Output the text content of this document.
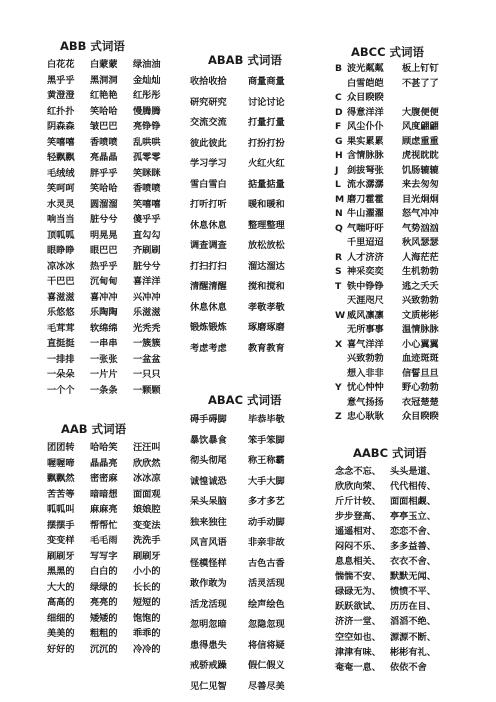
ABB 式词语
白花花	白蒙蒙	绿油油
黑乎乎	黑洞洞	金灿灿
黄澄澄	红艳艳	红彤彤
红扑扑	笑哈哈	慢腾腾
阴森森	皱巴巴	亮铮铮
笑嘻嘻	香喷喷	乱哄哄
轻飘飘	亮晶晶	孤零零
毛绒绒	胖乎乎	笑眯眯
笑呵呵	笑哈哈	香喷喷
水灵灵	圆溜溜	笑嘻嘻
响当当	脏兮兮	傻乎乎
顶呱呱	明晃晃	直勾勾
眼睁睁	眼巴巴	齐刷刷
凉冰冰	热乎乎	脏兮兮
干巴巴	沉甸甸	喜洋洋
喜滋滋	喜冲冲	兴冲冲
乐悠悠	乐陶陶	乐滋滋
毛茸茸	软绵绵	光秃秃
直挺挺	一串串	一簇簇
一排排	一张张	一盆盆
一朵朵	一片片	一只只
一个个	一条条	一颗颗
AAB 式词语
团团转	哈哈笑	汪汪叫
喔喔啼	晶晶亮	欣欣然
飘飘然	密密麻	冰冰凉
苦苦等	暗暗想	面面观
呱呱叫	麻麻亮	娘娘腔
摆摆手	帮帮忙	变变法
变变样	毛毛雨	洗洗手
刷刷牙	写写字	刷刷牙
黑黑的	白白的	小小的
大大的	绿绿的	长长的
高高的	亮亮的	短短的
细细的	矮矮的	饱饱的
美美的	粗粗的	乖乖的
好好的	沉沉的	冷冷的
ABAB 式词语
收拾收拾	商量商量
研究研究	讨论讨论
交流交流	打量打量
彼此彼此	打扮打扮
学习学习	火红火红
雪白雪白	掂量掂量
打听打听	暖和暖和
休息休息	整理整理
调查调查	放松放松
打扫打扫	溜达溜达
清醒清醒	搅和搅和
休息休息	孝敬孝敬
锻炼锻炼	琢磨琢磨
考虑考虑	教育教育
ABAC 式词语
碍手碍脚	毕恭毕敬
暴饮暴食	笨手笨脚
彻头彻尾	称王称霸
诚惶诚恐	大手大脚
呆头呆脑	多才多艺
独来独往	动手动脚
风言风语	非亲非故
怪模怪样	古色古香
敢作敢为	活灵活现
活龙活现	绘声绘色
忽明忽暗	忽隐忽现
患得患失	将信将疑
戒骄戒躁	假仁假义
见仁见智	尽善尽美
ABCC 式词语
B 波光粼粼	板上钉钉
白雪皑皑	不甚了了
C 众目睽睽
D 得意洋洋	大腹便便
F 风尘仆仆	风度翩翩
G 果实累累	顾虑重重
H 含情脉脉	虎视眈眈
J 剑拔弩张	饥肠辘辘
L 流水潺潺	来去匆匆
M 磨刀霍霍	目光炯炯
N 牛山濯濯	怒气冲冲
Q 气喘吁吁	气势汹汹
千里迢迢	秋风瑟瑟
R 人才济济	人海茫茫
S 神采奕奕	生机勃勃
T 铁中铮铮	逃之夭夭
天涯咫尺	兴致勃勃
W 威风凛凛	文质彬彬
无所事事	温情脉脉
X 喜气洋洋	小心翼翼
兴致勃勃	血迹斑斑
想入非非	信誓旦旦
Y 忧心忡忡	野心勃勃
意气扬扬	衣冠楚楚
Z 忠心耿耿	众目睽睽
AABC 式词语
念念不忘、 头头是道、
欣欣向荣、 代代相传、
斤斤计较、 面面相觑、
步步登高、 亭亭玉立、
遥遥相对、 恋恋不舍、
闷闷不乐、 多多益善、
息息相关、 衣衣不舍、
惴惴不安、 默默无闻、
碌碌无为、 愤愤不平、
跃跃欲试、 历历在目、
济济一堂、 滔滔不绝、
空空如也、 源源不断、
津津有味、 彬彬有礼、
奄奄一息、 依依不舍
